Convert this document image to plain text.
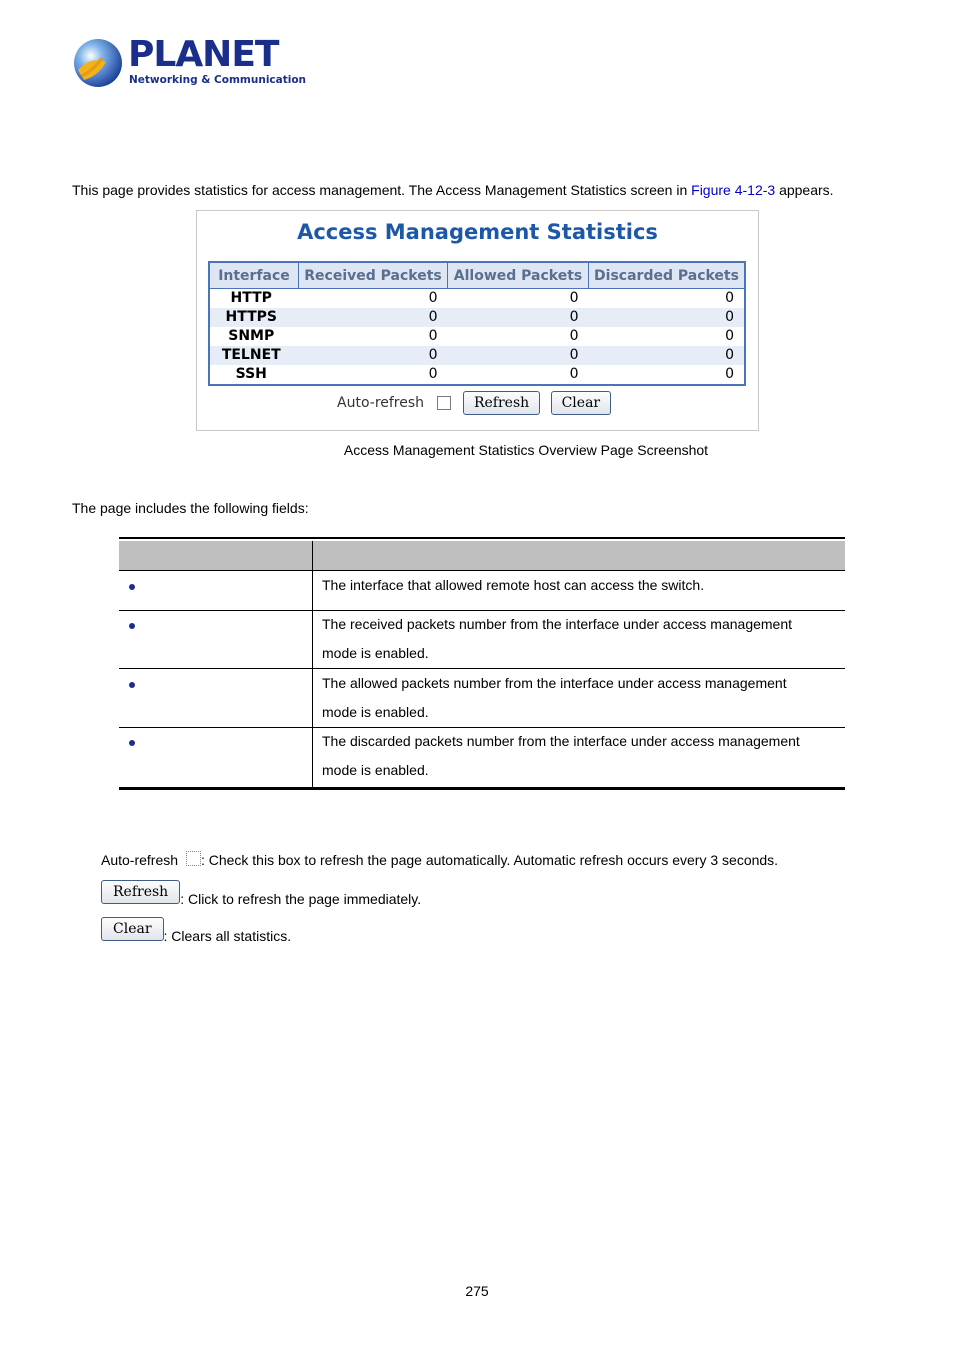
PLANET
Networking & Communication
This page provides statistics for access management. The Access Management Statistics screen in Figure 4-12-3 appears.
Access Management Statistics
Interface	Received Packets	Allowed Packets	Discarded Packets
HTTP	0	0	0
HTTPS	0	0	0
SNMP	0	0	0
TELNET	0	0	0
SSH	0	0	0
Auto-refresh	Refresh Clear
Access Management Statistics Overview Page Screenshot
The page includes the following fields:
The interface that allowed remote host can access the switch.
The received packets number from the interface under access management
mode is enabled.
The allowed packets number from the interface under access management
mode is enabled.
The discarded packets number from the interface under access management
mode is enabled.
Auto-refresh : Check this box to refresh the page automatically. Automatic refresh occurs every 3 seconds.
Refresh : Click to refresh the page immediately.
Clear : Clears all statistics.
275
